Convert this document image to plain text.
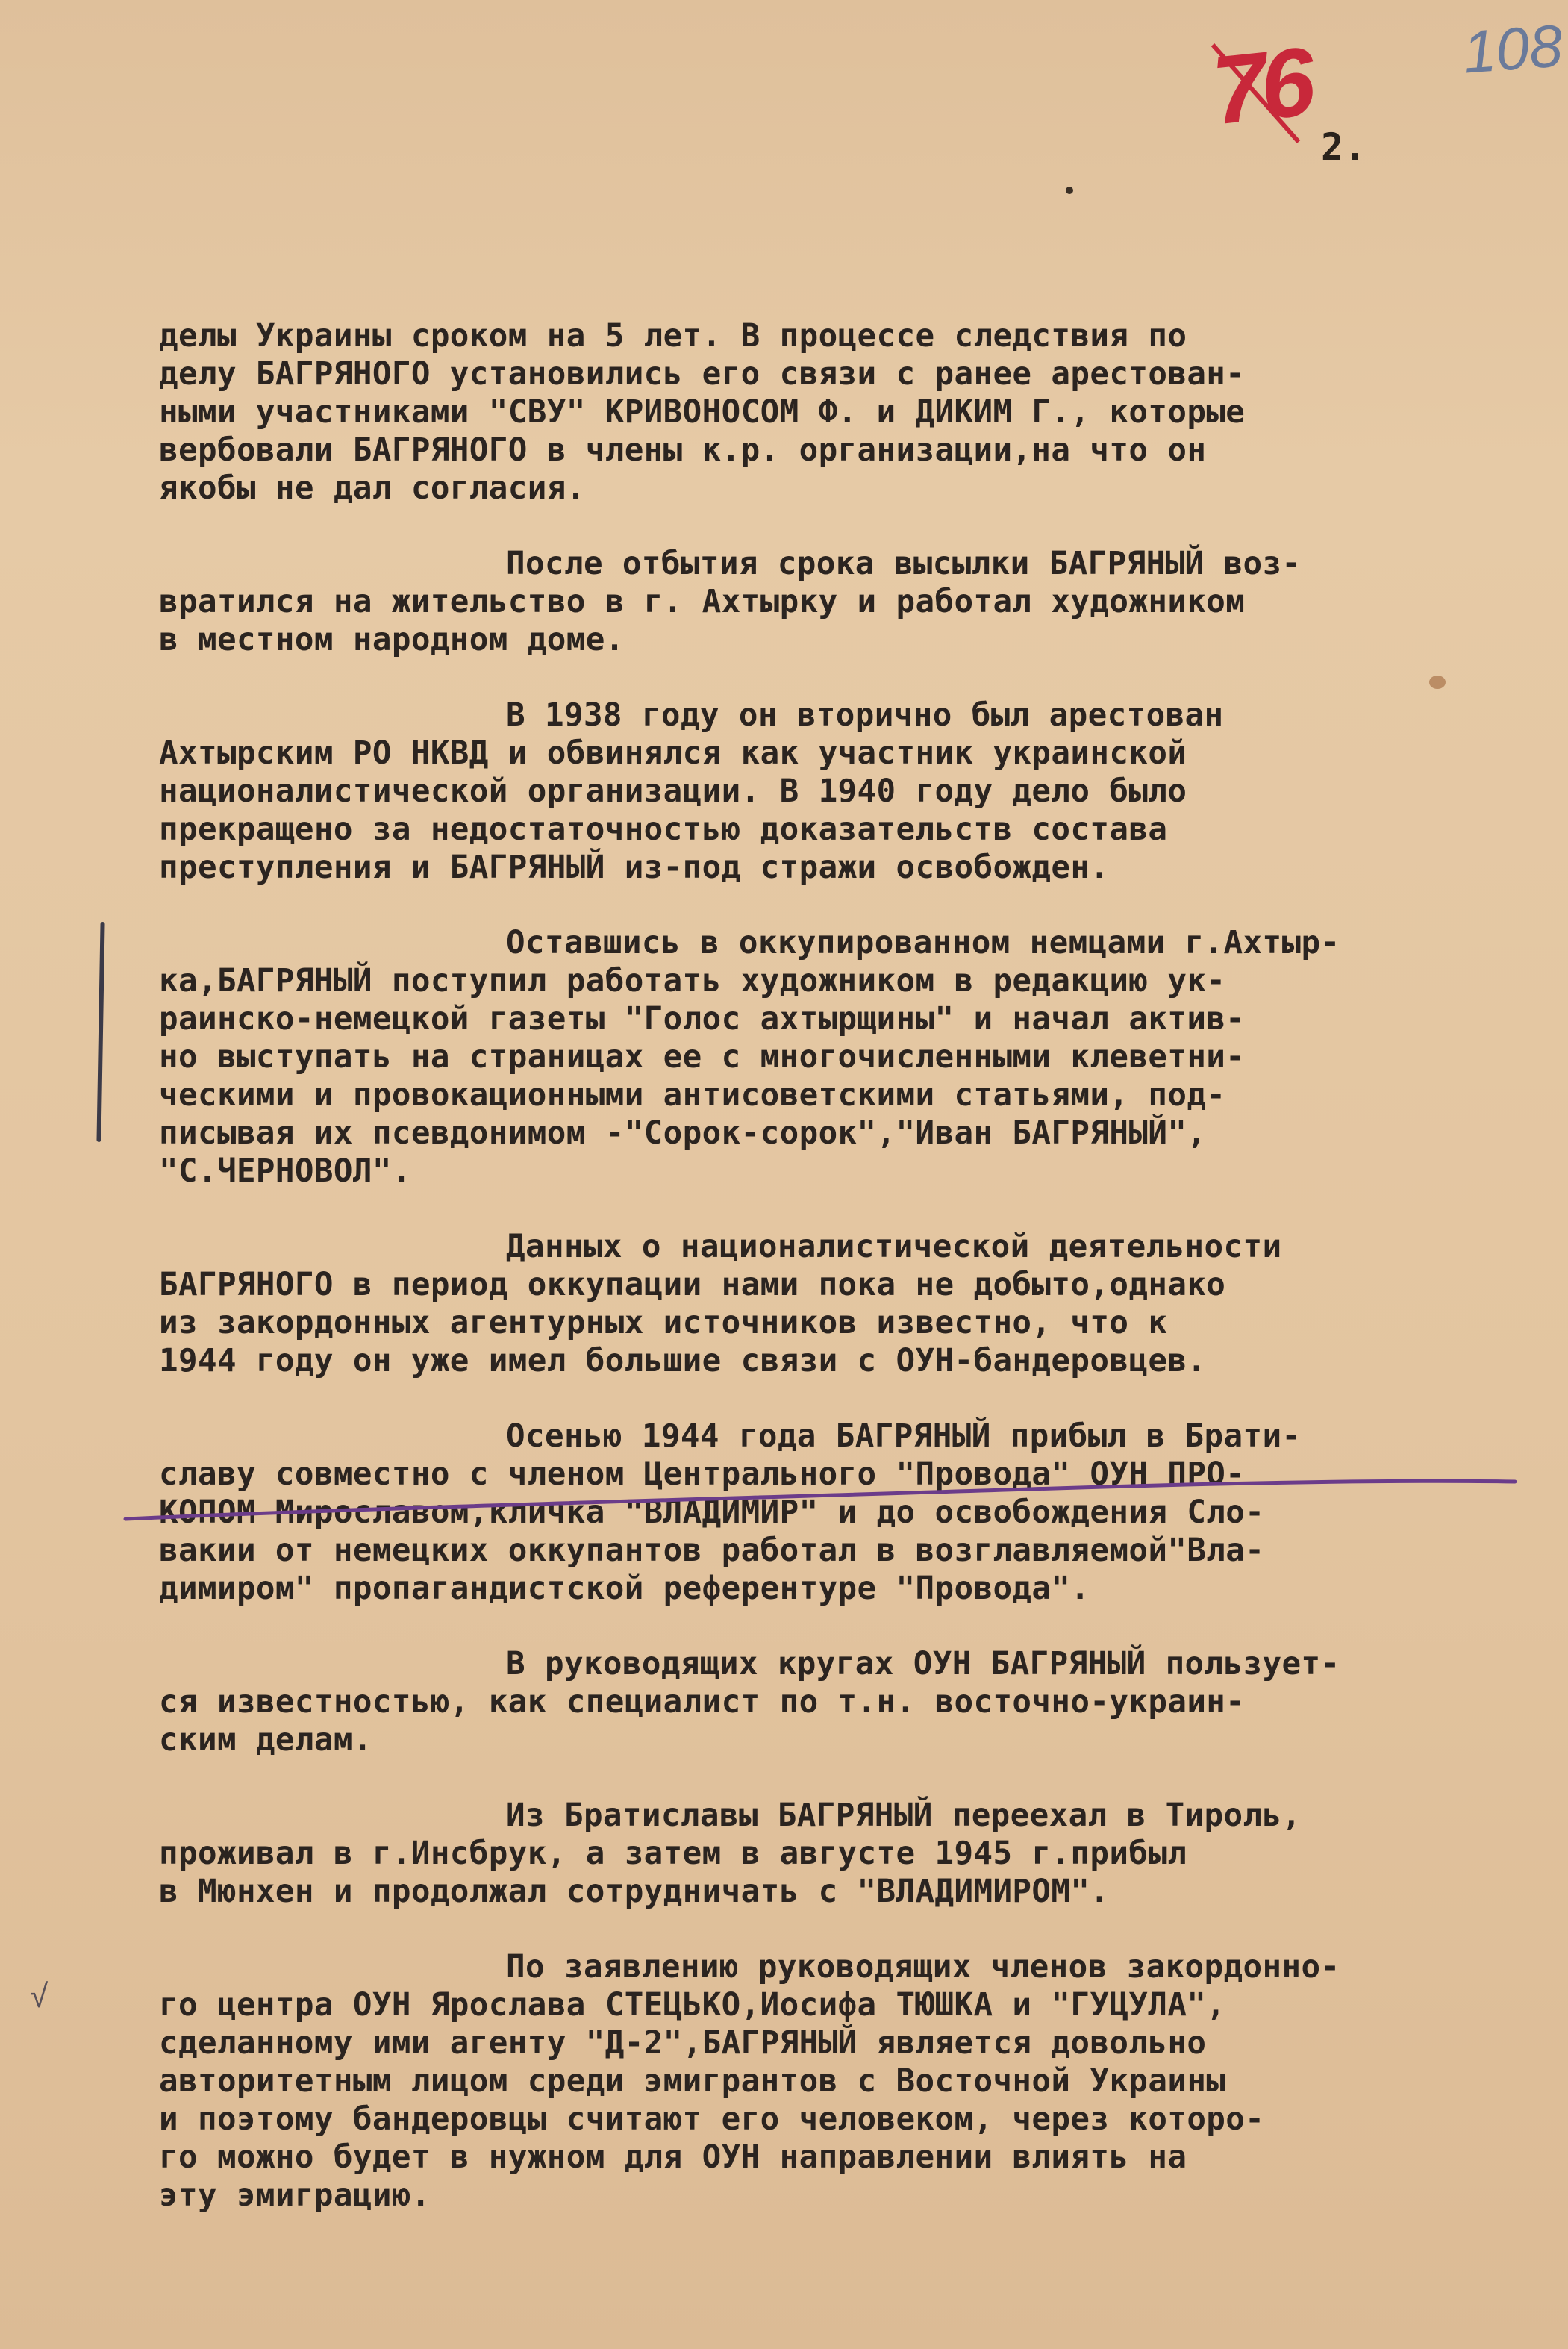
76 108
2.
√
делы Украины сроком на 5 лет. В процессе следствия по
делу БАГРЯНОГО установились его связи с ранее арестован-
ными участниками "СВУ" КРИВОНОСОМ Ф. и ДИКИМ Г., которые
вербовали БАГРЯНОГО в члены к.р. организации,на что он
якобы не дал согласия.
После отбытия срока высылки БАГРЯНЫЙ воз-
вратился на жительство в г. Ахтырку и работал художником
в местном народном доме.
В 1938 году он вторично был арестован
Ахтырским РО НКВД и обвинялся как участник украинской
националистической организации. В 1940 году дело было
прекращено за недостаточностью доказательств состава
преступления и БАГРЯНЫЙ из-под стражи освобожден.
Оставшись в оккупированном немцами г.Ахтыр-
ка,БАГРЯНЫЙ поступил работать художником в редакцию ук-
раинско-немецкой газеты "Голос ахтырщины" и начал актив-
но выступать на страницах ее с многочисленными клеветни-
ческими и провокационными антисоветскими статьями, под-
писывая их псевдонимом -"Сорок-сорок","Иван БАГРЯНЫЙ",
"С.ЧЕРНОВОЛ".
Данных о националистической деятельности
БАГРЯНОГО в период оккупации нами пока не добыто,однако
из закордонных агентурных источников известно, что к
1944 году он уже имел большие связи с ОУН-бандеровцев.
Осенью 1944 года БАГРЯНЫЙ прибыл в Брати-
славу совместно с членом Центрального "Провода" ОУН ПРО-
КОПОМ Мирославом,кличка "ВЛАДИМИР" и до освобождения Сло-
вакии от немецких оккупантов работал в возглавляемой"Вла-
димиром" пропагандистской референтуре "Провода".
В руководящих кругах ОУН БАГРЯНЫЙ пользует-
ся известностью, как специалист по т.н. восточно-украин-
ским делам.
Из Братиславы БАГРЯНЫЙ переехал в Тироль,
проживал в г.Инсбрук, а затем в августе 1945 г.прибыл
в Мюнхен и продолжал сотрудничать с "ВЛАДИМИРОМ".
По заявлению руководящих членов закордонно-
го центра ОУН Ярослава СТЕЦЬКО,Иосифа ТЮШКА и "ГУЦУЛА",
сделанному ими агенту "Д-2",БАГРЯНЫЙ является довольно
авторитетным лицом среди эмигрантов с Восточной Украины
и поэтому бандеровцы считают его человеком, через которо-
го можно будет в нужном для ОУН направлении влиять на
эту эмиграцию.
